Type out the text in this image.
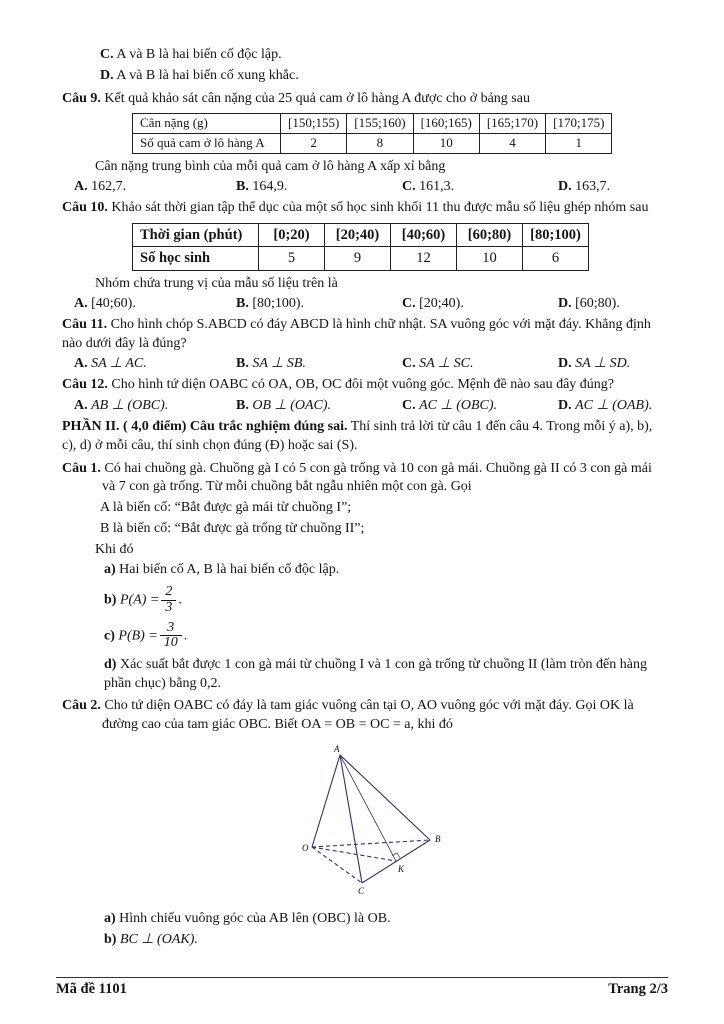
C. A và B là hai biến cố độc lập.

D. A và B là hai biến cố xung khắc.

Câu 9. Kết quả khảo sát cân nặng của 25 quả cam ở lô hàng A được cho ở bảng sau

Cân nặng (g)	[150;155)	[155;160)	[160;165)	[165;170)	[170;175)
Số quả cam ở lô hàng A	2	8	10	4	1

Cân nặng trung bình của mỗi quả cam ở lô hàng A xấp xỉ bằng

A. 162,7.	B. 164,9.	C. 161,3.	D. 163,7.

Câu 10. Khảo sát thời gian tập thể dục của một số học sinh khối 11 thu được mẫu số liệu ghép nhóm sau

Thời gian (phút)	[0;20)	[20;40)	[40;60)	[60;80)	[80;100)
Số học sinh	5	9	12	10	6

Nhóm chứa trung vị của mẫu số liệu trên là

A. [40;60).	B. [80;100).	C. [20;40).	D. [60;80).

Câu 11. Cho hình chóp S.ABCD có đáy ABCD là hình chữ nhật. SA vuông góc với mặt đáy. Khẳng định nào dưới đây là đúng?

A. SA ⊥ AC.	B. SA ⊥ SB.	C. SA ⊥ SC.	D. SA ⊥ SD.

Câu 12. Cho hình tứ diện OABC có OA, OB, OC đôi một vuông góc. Mệnh đề nào sau đây đúng?

A. AB ⊥ (OBC).	B. OB ⊥ (OAC).	C. AC ⊥ (OBC).	D. AC ⊥ (OAB).

PHẦN II. ( 4,0 điểm) Câu trắc nghiệm đúng sai. Thí sinh trả lời từ câu 1 đến câu 4. Trong mỗi ý a), b), c), d) ở mỗi câu, thí sinh chọn đúng (Đ) hoặc sai (S).

Câu 1. Có hai chuồng gà. Chuồng gà I có 5 con gà trống và 10 con gà mái. Chuồng gà II có 3 con gà mái và 7 con gà trống. Từ mỗi chuồng bắt ngẫu nhiên một con gà. Gọi

A là biến cố: “Bắt được gà mái từ chuồng I”;

B là biến cố: “Bắt được gà trống từ chuồng II”;

Khi đó

a) Hai biến cố A, B là hai biến cố độc lập.

b) $P(A) = \frac{2}{3}$ .

c) $P(B) = \frac{3}{10}$ .

d) Xác suất bắt được 1 con gà mái từ chuồng I và 1 con gà trống từ chuồng II (làm tròn đến hàng phần chục) bằng 0,2.

Câu 2. Cho tứ diện OABC có đáy là tam giác vuông cân tại O, AO vuông góc với mặt đáy. Gọi OK là đường cao của tam giác OBC. Biết OA = OB = OC = a, khi đó

A
O
B
C
K

a) Hình chiếu vuông góc của AB lên (OBC) là OB.

b) BC ⊥ (OAK).

Mã đề 1101	Trang 2/3
